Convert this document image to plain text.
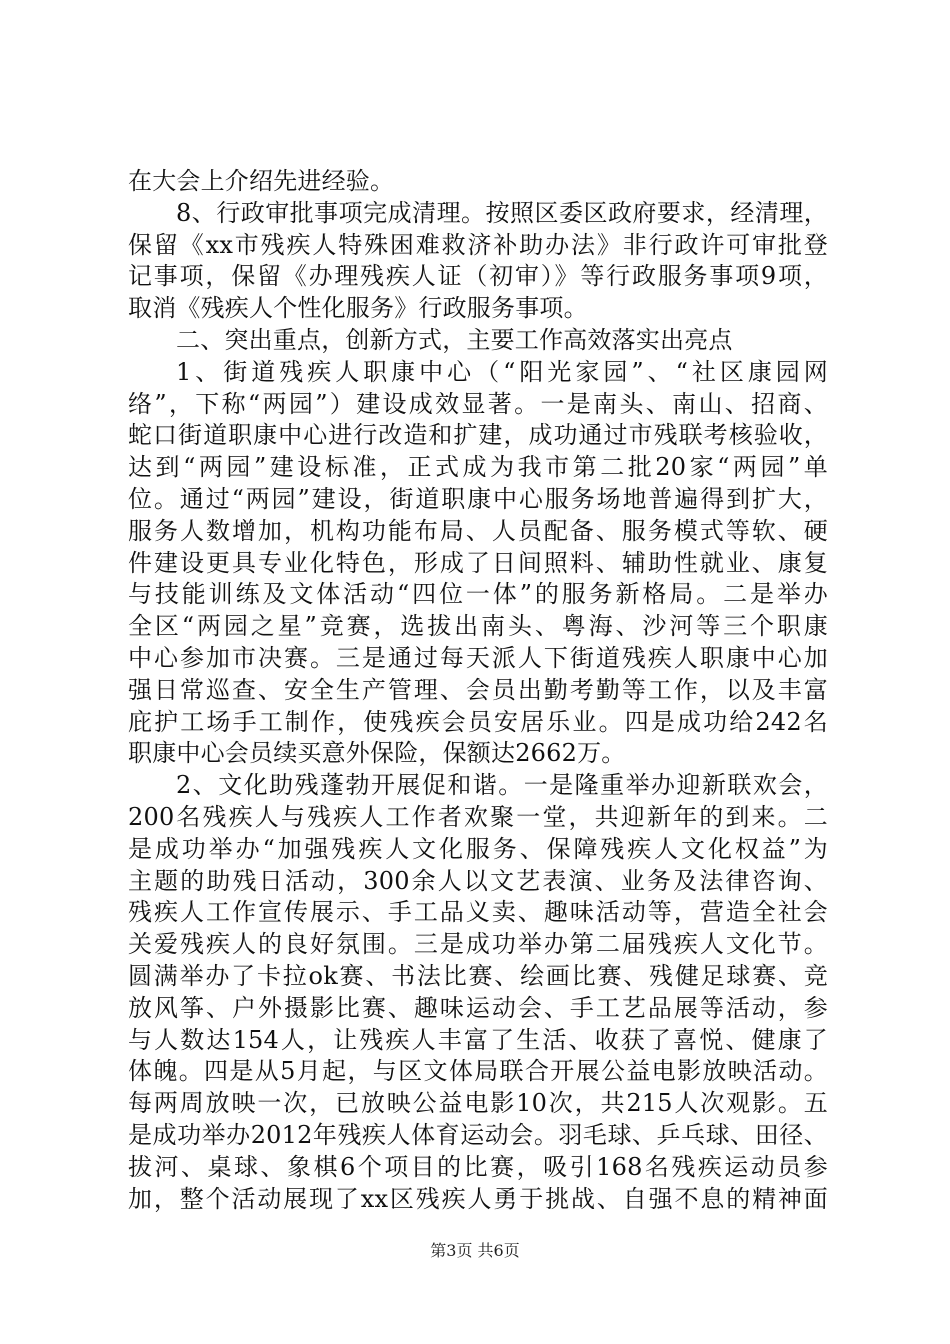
在大会上介绍先进经验。
8、行政审批事项完成清理。按照区委区政府要求，经清理，
保留《xx市残疾人特殊困难救济补助办法》非行政许可审批登
记事项，保留《办理残疾人证（初审）》等行政服务事项9项，
取消《残疾人个性化服务》行政服务事项。
二、突出重点，创新方式，主要工作高效落实出亮点
1、街道残疾人职康中心（“阳光家园”、“社区康园网
络”，下称“两园”）建设成效显著。一是南头、南山、招商、
蛇口街道职康中心进行改造和扩建，成功通过市残联考核验收，
达到“两园”建设标准，正式成为我市第二批20家“两园”单
位。通过“两园”建设，街道职康中心服务场地普遍得到扩大，
服务人数增加，机构功能布局、人员配备、服务模式等软、硬
件建设更具专业化特色，形成了日间照料、辅助性就业、康复
与技能训练及文体活动“四位一体”的服务新格局。二是举办
全区“两园之星”竞赛，选拔出南头、粤海、沙河等三个职康
中心参加市决赛。三是通过每天派人下街道残疾人职康中心加
强日常巡查、安全生产管理、会员出勤考勤等工作，以及丰富
庇护工场手工制作，使残疾会员安居乐业。四是成功给242名
职康中心会员续买意外保险，保额达2662万。
2、文化助残蓬勃开展促和谐。一是隆重举办迎新联欢会，
200名残疾人与残疾人工作者欢聚一堂，共迎新年的到来。二
是成功举办“加强残疾人文化服务、保障残疾人文化权益”为
主题的助残日活动，300余人以文艺表演、业务及法律咨询、
残疾人工作宣传展示、手工品义卖、趣味活动等，营造全社会
关爱残疾人的良好氛围。三是成功举办第二届残疾人文化节。
圆满举办了卡拉ok赛、书法比赛、绘画比赛、残健足球赛、竞
放风筝、户外摄影比赛、趣味运动会、手工艺品展等活动，参
与人数达154人，让残疾人丰富了生活、收获了喜悦、健康了
体魄。四是从5月起，与区文体局联合开展公益电影放映活动。
每两周放映一次，已放映公益电影10次，共215人次观影。五
是成功举办2012年残疾人体育运动会。羽毛球、乒乓球、田径、
拔河、桌球、象棋6个项目的比赛，吸引168名残疾运动员参
加，整个活动展现了xx区残疾人勇于挑战、自强不息的精神面
第3页 共6页
